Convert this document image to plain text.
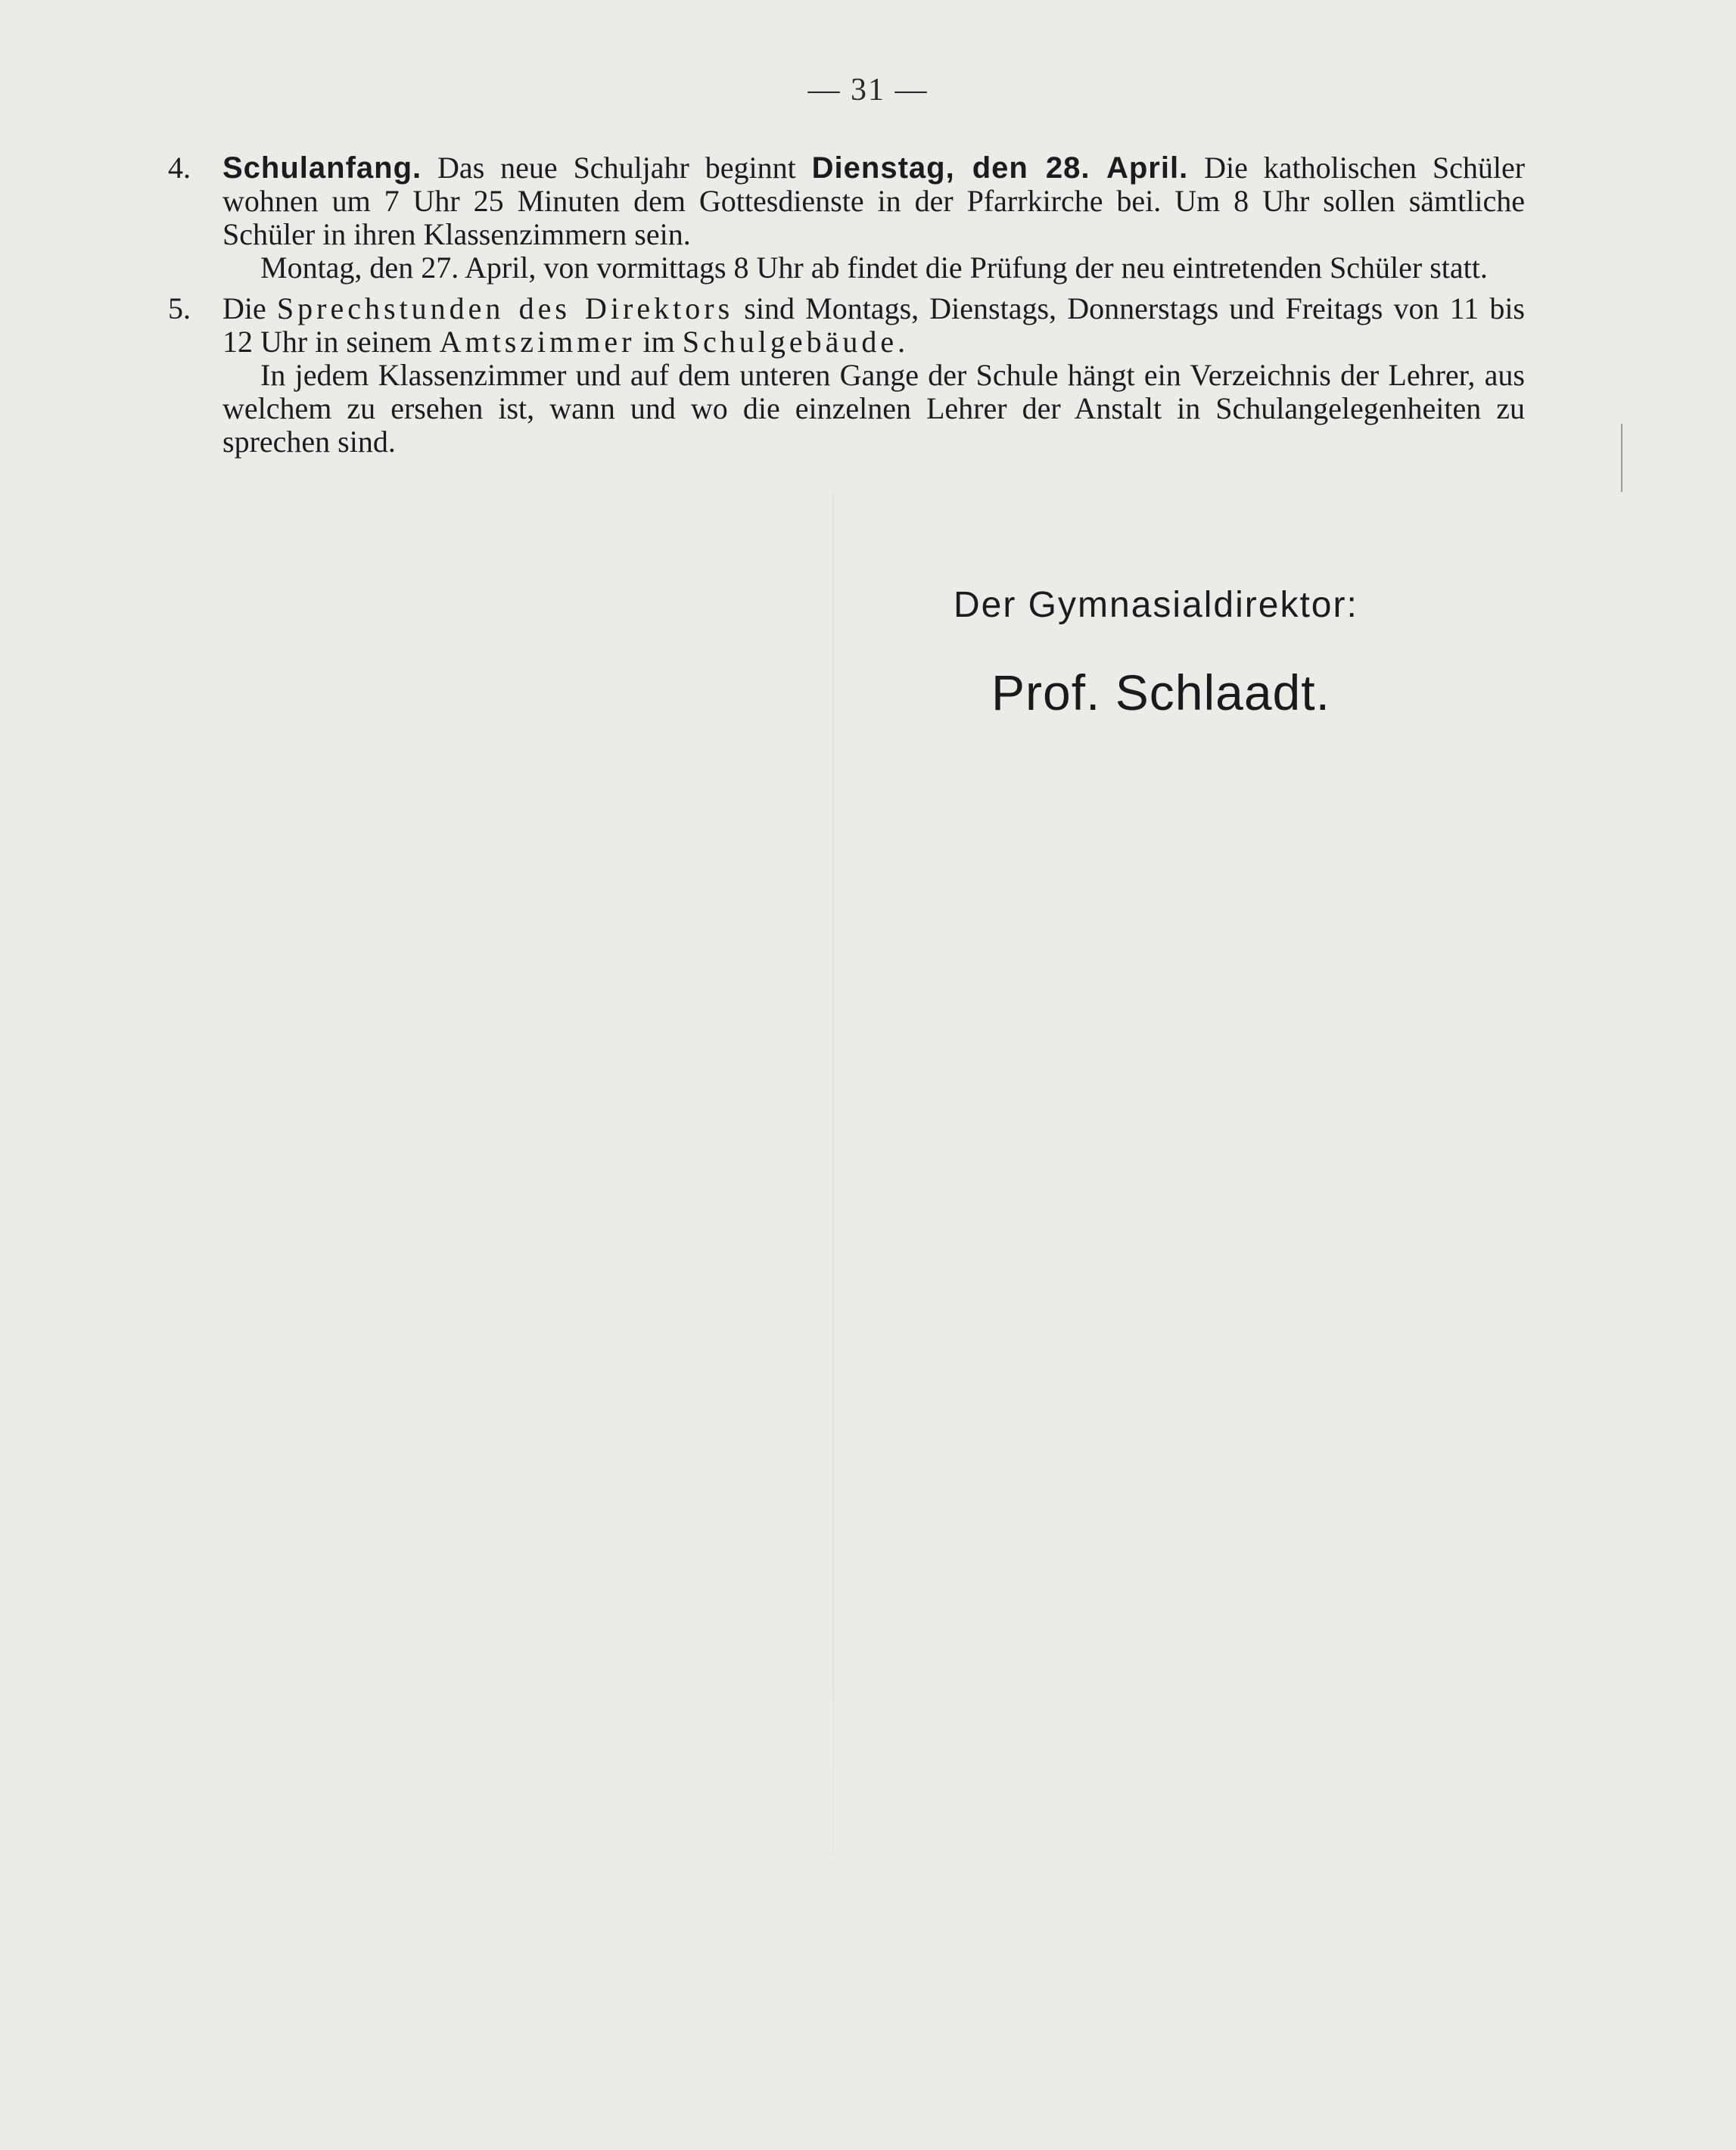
— 31 —
4. Schulanfang. Das neue Schuljahr beginnt Dienstag, den 28. April. Die katholischen Schüler wohnen um 7 Uhr 25 Minuten dem Gottesdienste in der Pfarrkirche bei. Um 8 Uhr sollen sämtliche Schüler in ihren Klassenzimmern sein.

Montag, den 27. April, von vormittags 8 Uhr ab findet die Prüfung der neu eintretenden Schüler statt.

5. Die Sprechstunden des Direktors sind Montags, Dienstags, Donnerstags und Freitags von 11 bis 12 Uhr in seinem Amtszimmer im Schulgebäude.

In jedem Klassenzimmer und auf dem unteren Gange der Schule hängt ein Verzeichnis der Lehrer, aus welchem zu ersehen ist, wann und wo die einzelnen Lehrer der Anstalt in Schulangelegenheiten zu sprechen sind.

Der Gymnasialdirektor:
Prof. Schlaadt.
